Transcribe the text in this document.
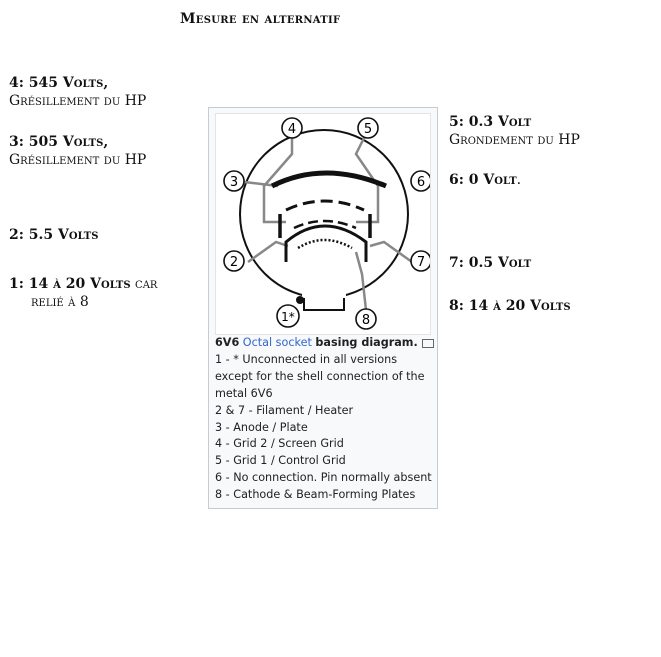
Mesure en alternatif
4: 545 Volts,
Grésillement du HP
3: 505 Volts,
Grésillement du HP
2: 5.5 Volts
1: 14 à 20 Volts car
relié à 8
5: 0.3 Volt
Grondement du HP
6: 0 Volt.
7: 0.5 Volt
8: 14 à 20 Volts
4	5
3	6
2	7
1*	8
6V6 Octal socket basing diagram.
1 - * Unconnected in all versions except for the shell connection of the metal 6V6
2 & 7 - Filament / Heater
3 - Anode / Plate
4 - Grid 2 / Screen Grid
5 - Grid 1 / Control Grid
6 - No connection. Pin normally absent
8 - Cathode & Beam-Forming Plates
